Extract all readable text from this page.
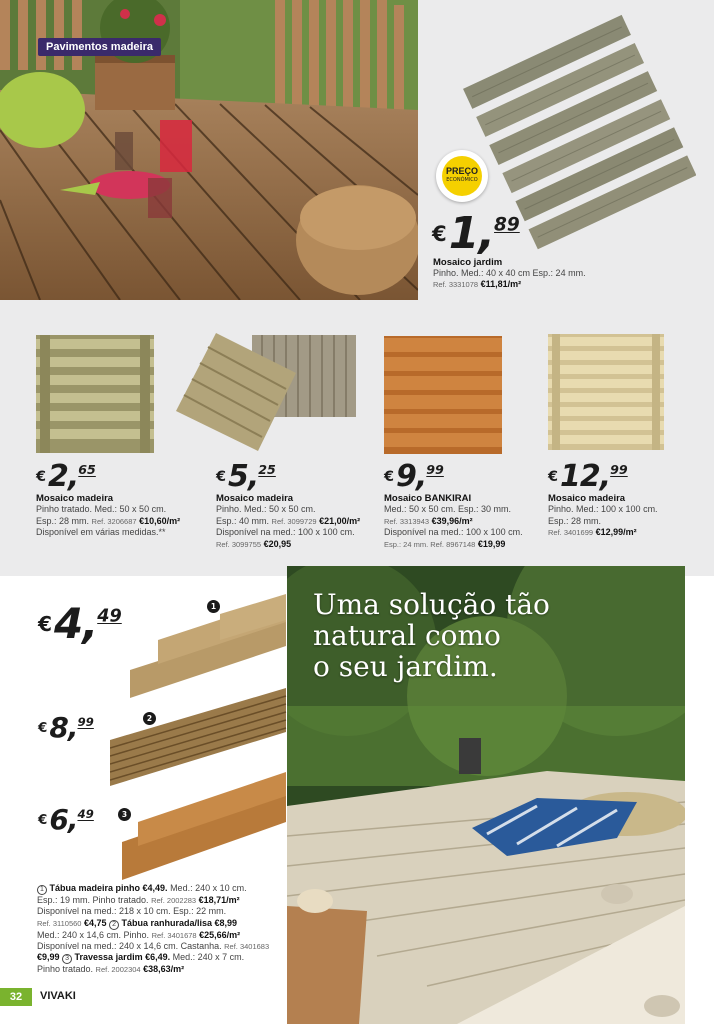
Pavimentos madeira
PREÇO
ECONÓMICO
€1,89
Mosaico jardim
Pinho. Med.: 40 x 40 cm Esp.: 24 mm.
Ref. 3331078 €11,81/m²
€2,65
Mosaico madeira
Pinho tratado. Med.: 50 x 50 cm.
Esp.: 28 mm. Ref. 3206687 €10,60/m²
Disponível em várias medidas.**
€5,25
Mosaico madeira
Pinho. Med.: 50 x 50 cm.
Esp.: 40 mm. Ref. 3099729 €21,00/m²
Disponível na med.: 100 x 100 cm.
Ref. 3099755 €20,95
€9,99
Mosaico BANKIRAI
Med.: 50 x 50 cm. Esp.: 30 mm.
Ref. 3313943 €39,96/m²
Disponível na med.: 100 x 100 cm.
Esp.: 24 mm. Ref. 8967148 €19,99
€12,99
Mosaico madeira
Pinho. Med.: 100 x 100 cm.
Esp.: 28 mm.
Ref. 3401699 €12,99/m²
€4,49
€8,99
€6,49
1
2
3
1 Tábua madeira pinho €4,49. Med.: 240 x 10 cm.
Esp.: 19 mm. Pinho tratado. Ref. 2002283 €18,71/m²
Disponível na med.: 218 x 10 cm. Esp.: 22 mm.
Ref. 3110560 €4,75 2 Tábua ranhurada/lisa €8,99
Med.: 240 x 14,6 cm. Pinho. Ref. 3401678 €25,66/m²
Disponível na med.: 240 x 14,6 cm. Castanha. Ref. 3401683
€9,99 3 Travessa jardim €6,49. Med.: 240 x 7 cm.
Pinho tratado. Ref. 2002304 €38,63/m²
Uma solução tão
natural como
o seu jardim.
32	VIVAKI
